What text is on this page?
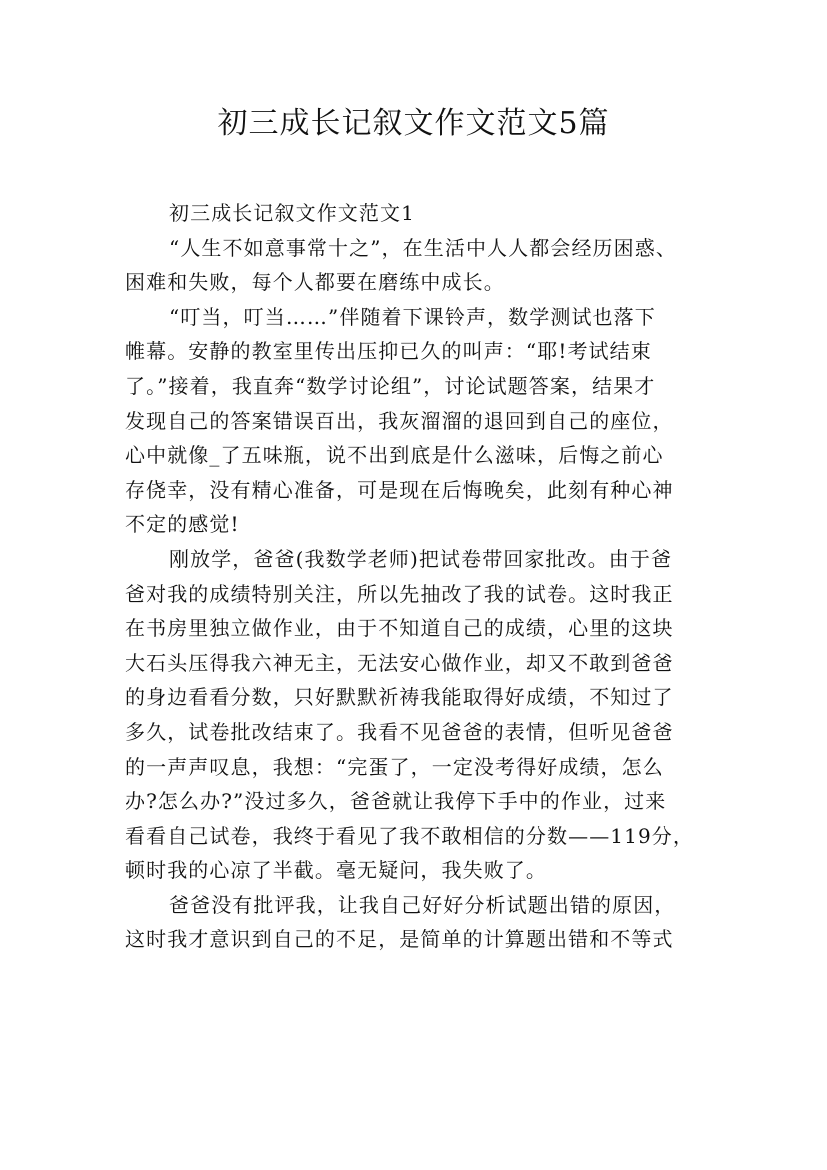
初三成长记叙文作文范文5篇
初三成长记叙文作文范文1
“人生不如意事常十之”，在生活中人人都会经历困惑、
困难和失败，每个人都要在磨练中成长。
“叮当，叮当……”伴随着下课铃声，数学测试也落下
帷幕。安静的教室里传出压抑已久的叫声：“耶!考试结束
了。”接着，我直奔“数学讨论组”，讨论试题答案，结果才
发现自己的答案错误百出，我灰溜溜的退回到自己的座位，
心中就像_了五味瓶，说不出到底是什么滋味，后悔之前心
存侥幸，没有精心准备，可是现在后悔晚矣，此刻有种心神
不定的感觉!
刚放学，爸爸(我数学老师)把试卷带回家批改。由于爸
爸对我的成绩特别关注，所以先抽改了我的试卷。这时我正
在书房里独立做作业，由于不知道自己的成绩，心里的这块
大石头压得我六神无主，无法安心做作业，却又不敢到爸爸
的身边看看分数，只好默默祈祷我能取得好成绩，不知过了
多久，试卷批改结束了。我看不见爸爸的表情，但听见爸爸
的一声声叹息，我想：“完蛋了，一定没考得好成绩，怎么
办?怎么办?”没过多久，爸爸就让我停下手中的作业，过来
看看自己试卷，我终于看见了我不敢相信的分数——119分，
顿时我的心凉了半截。毫无疑问，我失败了。
爸爸没有批评我，让我自己好好分析试题出错的原因，
这时我才意识到自己的不足，是简单的计算题出错和不等式
